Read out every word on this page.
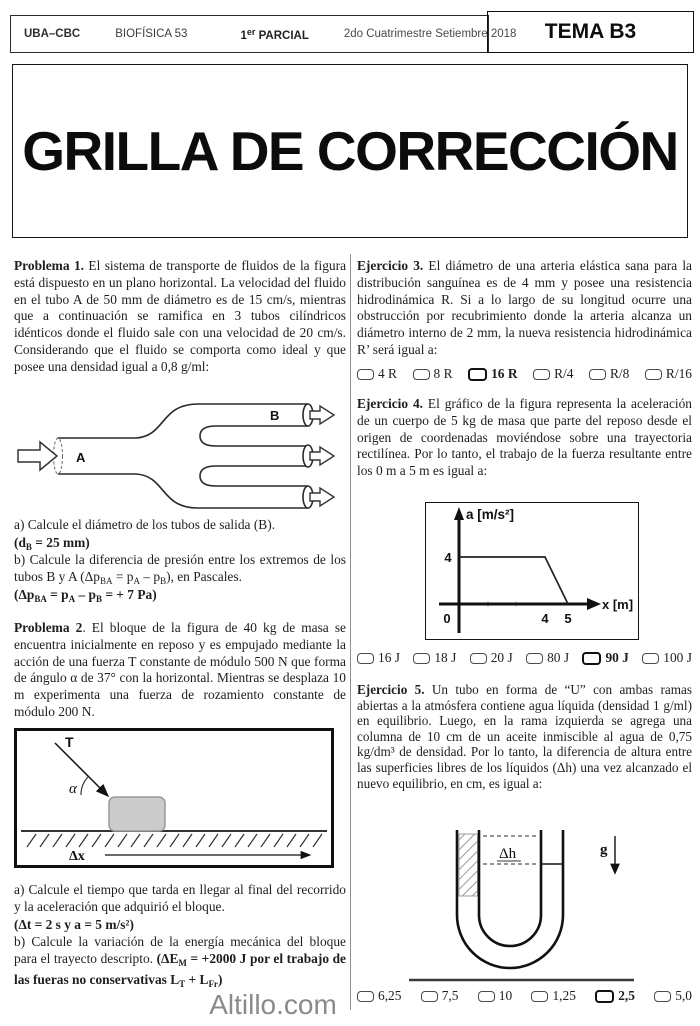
UBA–CBC	BIOFÍSICA 53	1er PARCIAL	2do Cuatrimestre Setiembre 2018 TEMA B3
GRILLA DE CORRECCIÓN
Problema 1. El sistema de transporte de fluidos de la figura está dispuesto en un plano horizontal. La velocidad del fluido en el tubo A de 50 mm de diámetro es de 15 cm/s, mientras que a continuación se ramifica en 3 tubos cilíndricos idénticos donde el fluido sale con una velocidad de 20 cm/s. Considerando que el fluido se comporta como ideal y que posee una densidad igual a 0,8 g/ml:
A
B
a) Calcule el diámetro de los tubos de salida (B).
($d_B = 25$ mm)
b) Calcule la diferencia de presión entre los extremos de los tubos B y A $(\Delta p_{BA} = p_A - p_B)$, en Pascales.
($\Delta p_{BA} = p_A - p_B$ = + 7 Pa)
Problema 2. El bloque de la figura de 40 kg de masa se encuentra inicialmente en reposo y es empujado mediante la acción de una fuerza T constante de módulo 500 N que forma de ángulo α de 37° con la horizontal. Mientras se desplaza 10 m experimenta una fuerza de rozamiento constante de módulo 200 N.
T
α
Δx
a) Calcule el tiempo que tarda en llegar al final del recorrido y la aceleración que adquirió el bloque.
(Δt = 2 s y a = 5 m/s²)
b) Calcule la variación de la energía mecánica del bloque para el trayecto descripto. ($\Delta E_M = +2000$ J por el trabajo de las fueras no conservativas $L_T + L_{Fr}$)
Ejercicio 3. El diámetro de una arteria elástica sana para la distribución sanguínea es de 4 mm y posee una resistencia hidrodinámica R. Si a lo largo de su longitud ocurre una obstrucción por recubrimiento donde la arteria alcanza un diámetro interno de 2 mm, la nueva resistencia hidrodinámica R’ será igual a:
4 R	8 R	16 R	R/4	R/8	R/16
Ejercicio 4. El gráfico de la figura representa la aceleración de un cuerpo de 5 kg de masa que parte del reposo desde el origen de coordenadas moviéndose sobre una trayectoria rectilínea. Por lo tanto, el trabajo de la fuerza resultante entre los 0 m a 5 m es igual a:
4
0	4 5
a [m/s²]
x [m]
16 J	18 J	20 J	80 J	90 J	100 J
Ejercicio 5. Un tubo en forma de “U” con ambas ramas abiertas a la atmósfera contiene agua líquida (densidad 1 g/ml) en equilibrio. Luego, en la rama izquierda se agrega una columna de 10 cm de un aceite inmiscible al agua de 0,75 kg/dm³ de densidad. Por lo tanto, la diferencia de altura entre las superficies libres de los líquidos (Δh) una vez alcanzado el nuevo equilibrio, en cm, es igual a:
Δh	g
6,25	7,5	10	1,25	2,5	5,0
Altillo.com
